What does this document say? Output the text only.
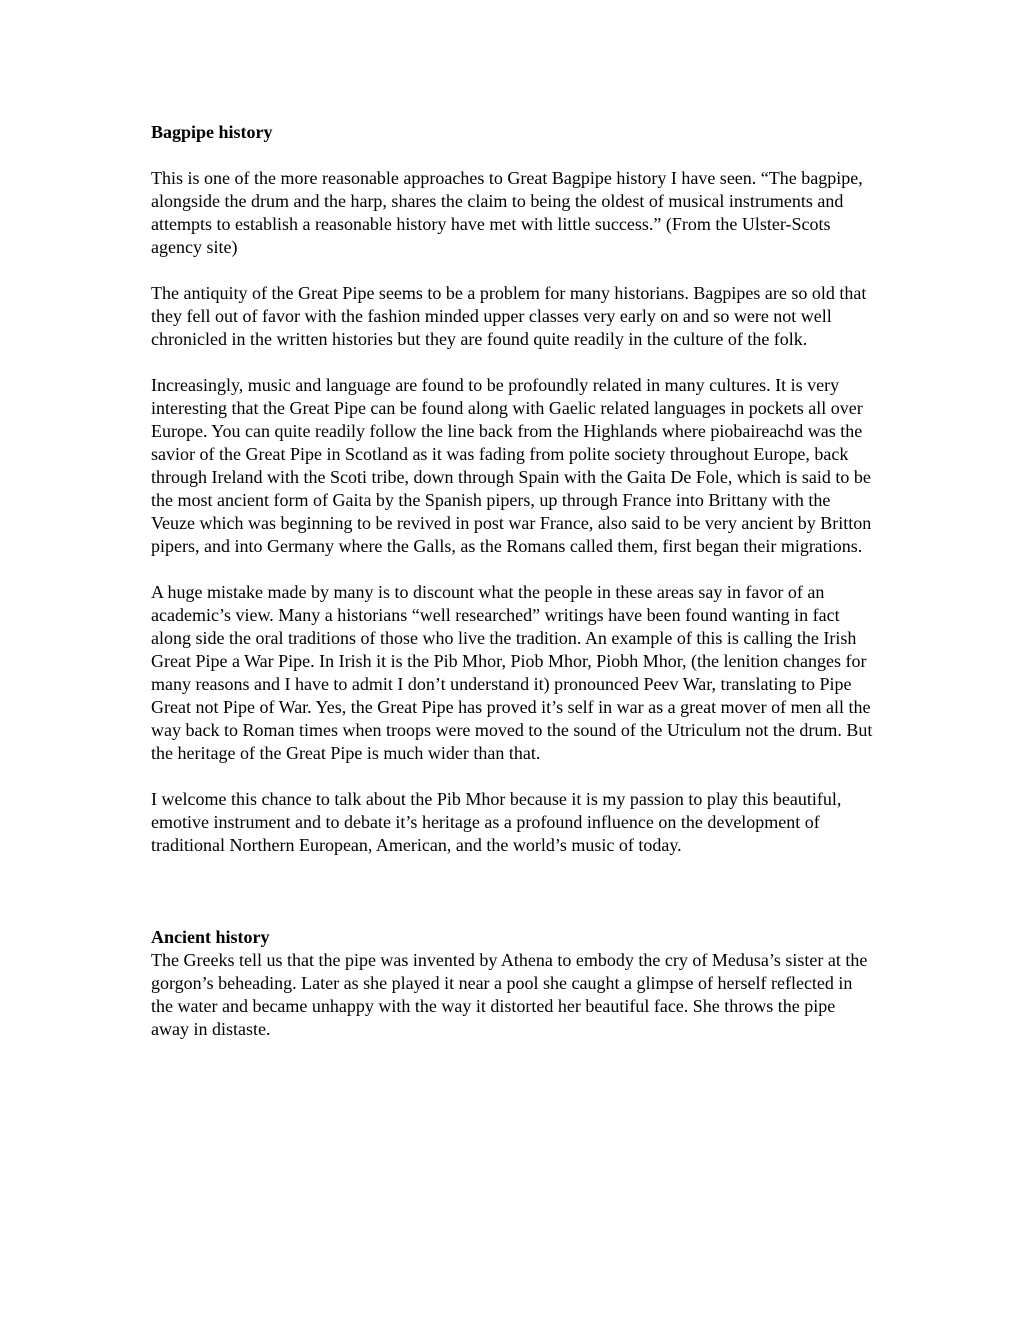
Bagpipe history

This is one of the more reasonable approaches to Great Bagpipe history I have seen. “The bagpipe, alongside the drum and the harp, shares the claim to being the oldest of musical instruments and attempts to establish a reasonable history have met with little success.” (From the Ulster-Scots agency site)

The antiquity of the Great Pipe seems to be a problem for many historians. Bagpipes are so old that they fell out of favor with the fashion minded upper classes very early on and so were not well chronicled in the written histories but they are found quite readily in the culture of the folk.

Increasingly, music and language are found to be profoundly related in many cultures. It is very interesting that the Great Pipe can be found along with Gaelic related languages in pockets all over Europe. You can quite readily follow the line back from the Highlands where piobaireachd was the savior of the Great Pipe in Scotland as it was fading from polite society throughout Europe, back through Ireland with the Scoti tribe, down through Spain with the Gaita De Fole, which is said to be the most ancient form of Gaita by the Spanish pipers, up through France into Brittany with the Veuze which was beginning to be revived in post war France, also said to be very ancient by Britton pipers, and into Germany where the Galls, as the Romans called them, first began their migrations.

A huge mistake made by many is to discount what the people in these areas say in favor of an academic’s view. Many a historians “well researched” writings have been found wanting in fact along side the oral traditions of those who live the tradition. An example of this is calling the Irish Great Pipe a War Pipe. In Irish it is the Pib Mhor, Piob Mhor, Piobh Mhor, (the lenition changes for many reasons and I have to admit I don’t understand it) pronounced Peev War, translating to Pipe Great not Pipe of War. Yes, the Great Pipe has proved it’s self in war as a great mover of men all the way back to Roman times when troops were moved to the sound of the Utriculum not the drum. But the heritage of the Great Pipe is much wider than that.

I welcome this chance to talk about the Pib Mhor because it is my passion to play this beautiful, emotive instrument and to debate it’s heritage as a profound influence on the development of traditional Northern European, American, and the world’s music of today.

Ancient history

The Greeks tell us that the pipe was invented by Athena to embody the cry of Medusa’s sister at the gorgon’s beheading. Later as she played it near a pool she caught a glimpse of herself reflected in the water and became unhappy with the way it distorted her beautiful face. She throws the pipe away in distaste.
